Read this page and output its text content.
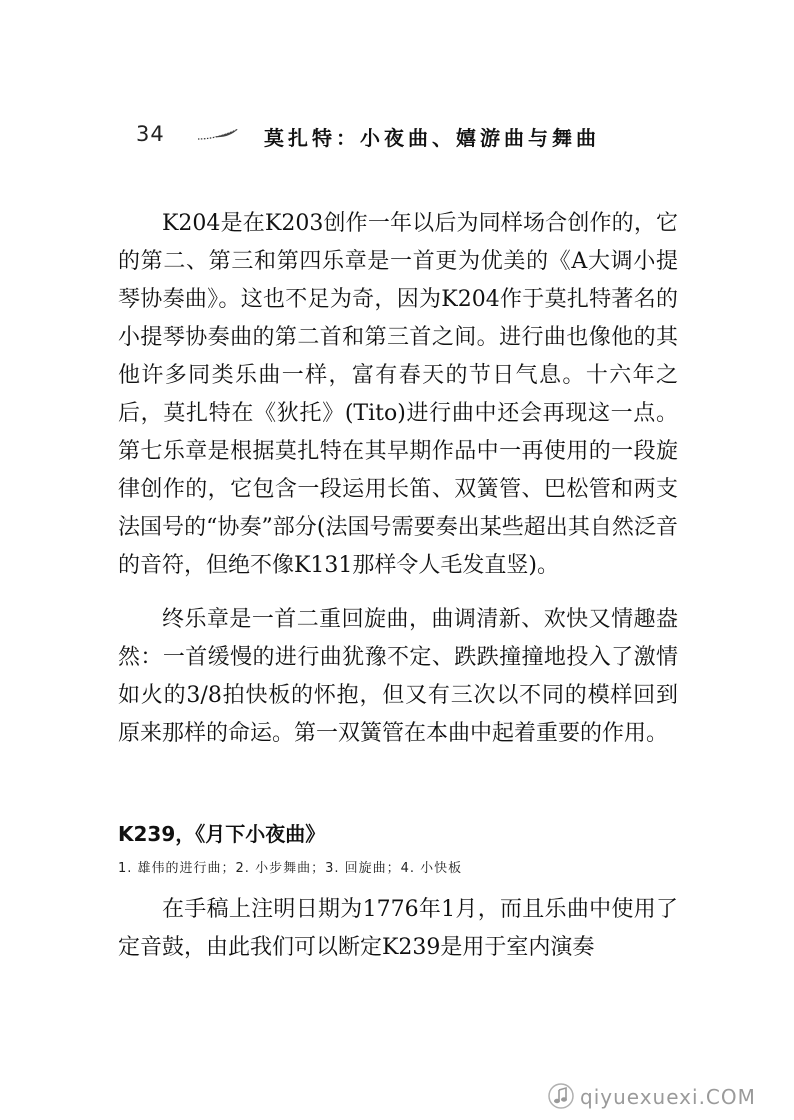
34	莫扎特：小夜曲、嬉游曲与舞曲

K204是在K203创作一年以后为同样场合创作的，它的第二、第三和第四乐章是一首更为优美的《A大调小提琴协奏曲》。这也不足为奇，因为K204作于莫扎特著名的小提琴协奏曲的第二首和第三首之间。进行曲也像他的其他许多同类乐曲一样，富有春天的节日气息。十六年之后，莫扎特在《狄托》(Tito)进行曲中还会再现这一点。第七乐章是根据莫扎特在其早期作品中一再使用的一段旋律创作的，它包含一段运用长笛、双簧管、巴松管和两支法国号的“协奏”部分(法国号需要奏出某些超出其自然泛音的音符，但绝不像K131那样令人毛发直竖)。

终乐章是一首二重回旋曲，曲调清新、欢快又情趣盎然：一首缓慢的进行曲犹豫不定、跌跌撞撞地投入了激情如火的3/8拍快板的怀抱，但又有三次以不同的模样回到原来那样的命运。第一双簧管在本曲中起着重要的作用。

K239，《月下小夜曲》

1. 雄伟的进行曲；2. 小步舞曲；3. 回旋曲；4. 小快板

在手稿上注明日期为1776年1月，而且乐曲中使用了定音鼓，由此我们可以断定K239是用于室内演奏

qiyuexuexi.COM
